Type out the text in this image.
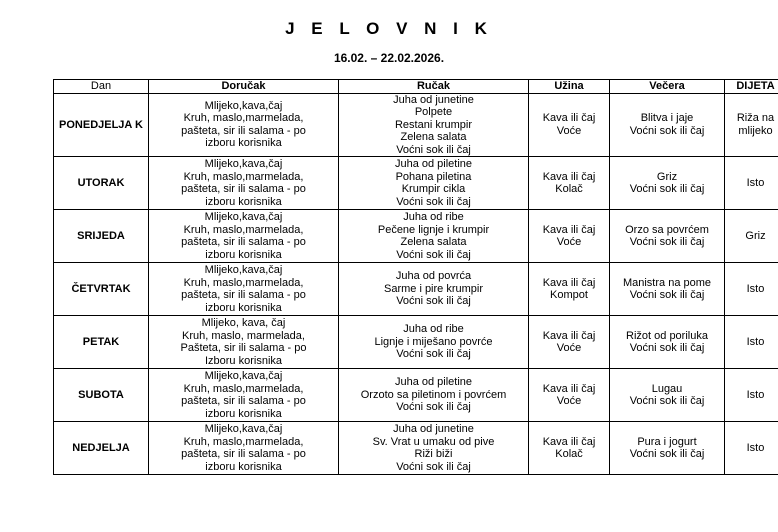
J E L O V N I K
16.02. – 22.02.2026.
Dan	Doručak	Ručak	Užina	Večera	DIJETA
PONEDJELJA K	Mlijeko,kava,čaj
Kruh, maslo,marmelada,
pašteta, sir ili salama - po
izboru korisnika	Juha od junetine
Polpete
Restani krumpir
Zelena salata
Voćni sok ili čaj	Kava ili čaj
Voće	Blitva i jaje
Voćni sok ili čaj	Riža na
mlijeko

UTORAK	Mlijeko,kava,čaj
Kruh, maslo,marmelada,
pašteta, sir ili salama - po
izboru korisnika	Juha od piletine
Pohana piletina
Krumpir cikla
Voćni sok ili čaj	Kava ili čaj
Kolač	Griz
Voćni sok ili čaj	Isto

SRIJEDA	Mlijeko,kava,čaj
Kruh, maslo,marmelada,
pašteta, sir ili salama - po
izboru korisnika	Juha od ribe
Pečene lignje i krumpir
Zelena salata
Voćni sok ili čaj	Kava ili čaj
Voće	Orzo sa povrćem
Voćni sok ili čaj	Griz

ČETVRTAK	Mlijeko,kava,čaj
Kruh, maslo,marmelada,
pašteta, sir ili salama - po
izboru korisnika	Juha od povrća
Sarme i pire krumpir
Voćni sok ili čaj	Kava ili čaj
Kompot	Manistra na pome
Voćni sok ili čaj	Isto

PETAK	Mlijeko, kava, čaj
Kruh, maslo, marmelada,
Pašteta, sir ili salama - po
Izboru korisnika	Juha od ribe
Lignje i miješano povrće
Voćni sok ili čaj	Kava ili čaj
Voće	Rižot od poriluka
Voćni sok ili čaj	Isto

SUBOTA	Mlijeko,kava,čaj
Kruh, maslo,marmelada,
pašteta, sir ili salama - po
izboru korisnika	Juha od piletine
Orzoto sa piletinom i povrćem
Voćni sok ili čaj	Kava ili čaj
Voće	Lugau
Voćni sok ili čaj	Isto

NEDJELJA	Mlijeko,kava,čaj
Kruh, maslo,marmelada,
pašteta, sir ili salama - po
izboru korisnika	Juha od junetine
Sv. Vrat u umaku od pive
Riži biži
Voćni sok ili čaj	Kava ili čaj
Kolač	Pura i jogurt
Voćni sok ili čaj	Isto
